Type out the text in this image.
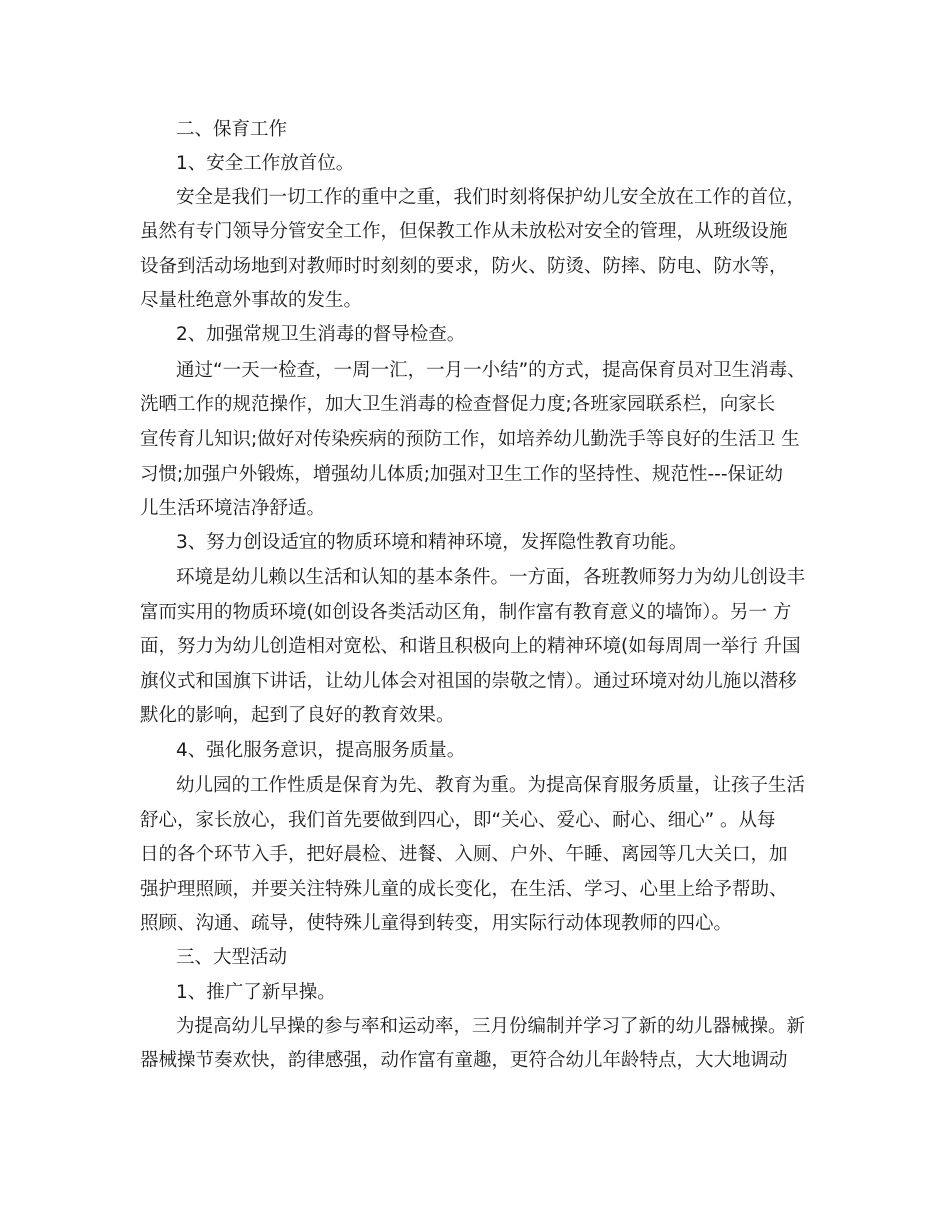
二、保育工作
1、安全工作放首位。
安全是我们一切工作的重中之重，我们时刻将保护幼儿安全放在工作的首位，
虽然有专门领导分管安全工作，但保教工作从未放松对安全的管理，从班级设施
设备到活动场地到对教师时时刻刻的要求，防火、防烫、防摔、防电、防水等，
尽量杜绝意外事故的发生。
2、加强常规卫生消毒的督导检查。
通过“一天一检查，一周一汇，一月一小结”的方式，提高保育员对卫生消毒、
洗晒工作的规范操作，加大卫生消毒的检查督促力度;各班家园联系栏，向家长
宣传育儿知识;做好对传染疾病的预防工作，如培养幼儿勤洗手等良好的生活卫 生
习惯;加强户外锻炼，增强幼儿体质;加强对卫生工作的坚持性、规范性---保证幼
儿生活环境洁净舒适。
3、努力创设适宜的物质环境和精神环境，发挥隐性教育功能。
环境是幼儿赖以生活和认知的基本条件。一方面，各班教师努力为幼儿创设丰
富而实用的物质环境(如创设各类活动区角，制作富有教育意义的墙饰）。另一 方
面，努力为幼儿创造相对宽松、和谐且积极向上的精神环境(如每周周一举行 升国
旗仪式和国旗下讲话，让幼儿体会对祖国的崇敬之情）。通过环境对幼儿施以潜移
默化的影响，起到了良好的教育效果。
4、强化服务意识，提高服务质量。
幼儿园的工作性质是保育为先、教育为重。为提高保育服务质量，让孩子生活
舒心，家长放心，我们首先要做到四心，即“关心、爱心、耐心、细心” 。从每
日的各个环节入手，把好晨检、进餐、入厕、户外、午睡、离园等几大关口，加
强护理照顾，并要关注特殊儿童的成长变化，在生活、学习、心里上给予帮助、
照顾、沟通、疏导，使特殊儿童得到转变，用实际行动体现教师的四心。
三、大型活动
1、推广了新早操。
为提高幼儿早操的参与率和运动率，三月份编制并学习了新的幼儿器械操。新
器械操节奏欢快，韵律感强，动作富有童趣，更符合幼儿年龄特点，大大地调动
